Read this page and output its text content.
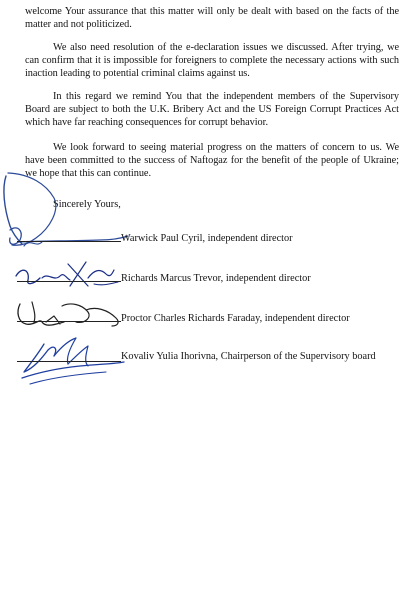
welcome Your assurance that this matter will only be dealt with based on the facts of the matter and not politicized.

We also need resolution of the e-declaration issues we discussed. After trying, we can confirm that it is impossible for foreigners to complete the necessary actions with such inaction leading to potential criminal claims against us.

In this regard we remind You that the independent members of the Supervisory Board are subject to both the U.K. Bribery Act and the US Foreign Corrupt Practices Act which have far reaching consequences for corrupt behavior.

We look forward to seeing material progress on the matters of concern to us. We have been committed to the success of Naftogaz for the benefit of the people of Ukraine; we hope that this can continue.

Sincerely Yours,

Warwick Paul Cyril, independent director
Richards Marcus Trevor, independent director
Proctor Charles Richards Faraday, independent director
Kovaliv Yulia Ihorivna, Chairperson of the Supervisory board
